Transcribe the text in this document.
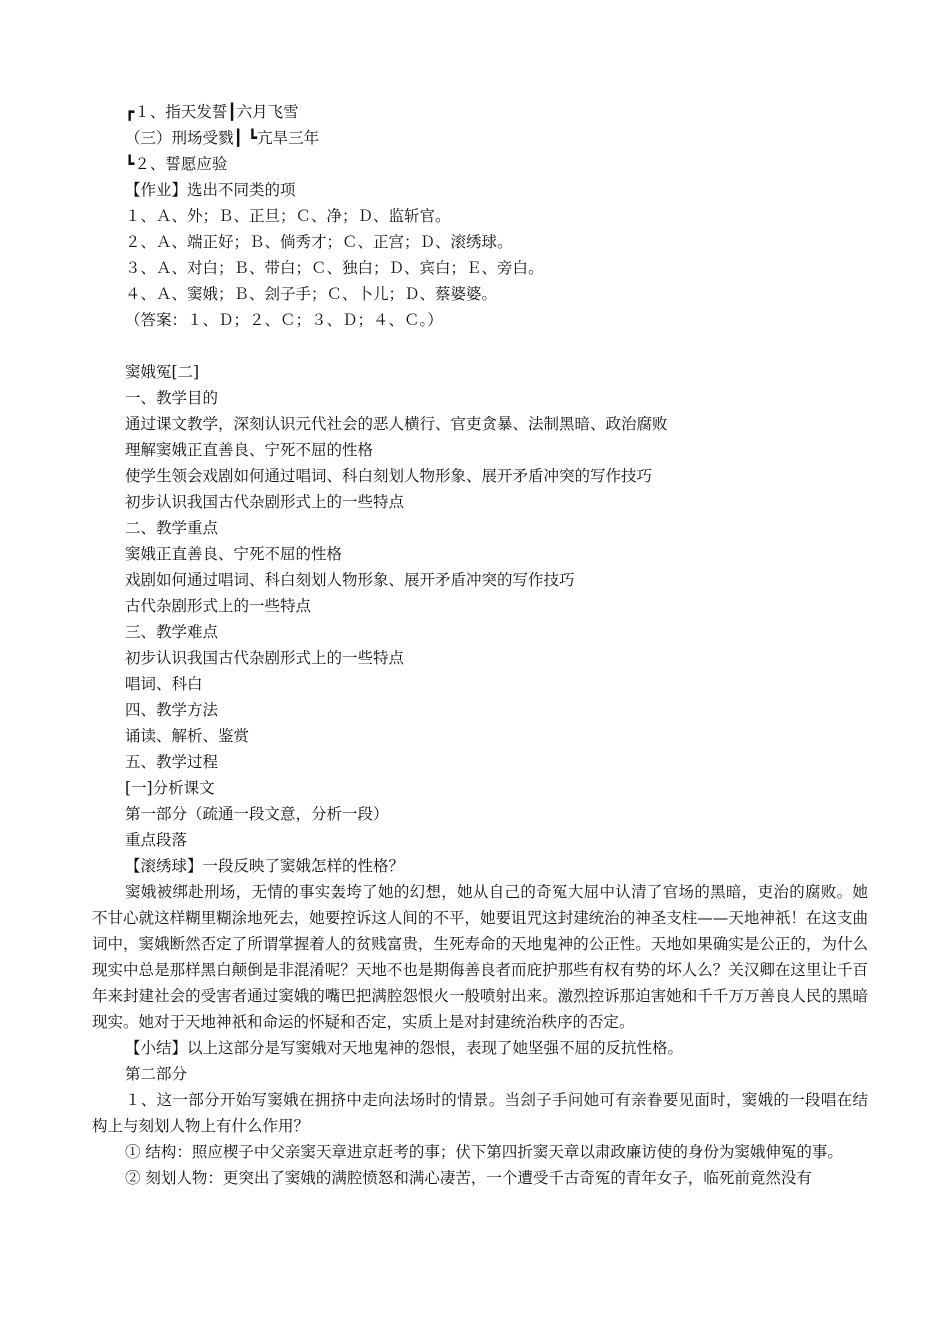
┏１、指天发誓┃六月飞雪
（三）刑场受戮┃ ┗亢旱三年
┗２、誓愿应验
【作业】选出不同类的项
１、Ａ、外；Ｂ、正旦；Ｃ、净；Ｄ、监斩官。
２、Ａ、端正好；Ｂ、倘秀才；Ｃ、正宫；Ｄ、滚绣球。
３、Ａ、对白；Ｂ、带白；Ｃ、独白；Ｄ、宾白；Ｅ、旁白。
４、Ａ、窦娥；Ｂ、刽子手；Ｃ、卜儿；Ｄ、蔡婆婆。
（答案：１、Ｄ；２、Ｃ；３、Ｄ；４、Ｃ。）
窦娥冤[二]
一、教学目的
通过课文教学，深刻认识元代社会的恶人横行、官吏贪暴、法制黑暗、政治腐败
理解窦娥正直善良、宁死不屈的性格
使学生领会戏剧如何通过唱词、科白刻划人物形象、展开矛盾冲突的写作技巧
初步认识我国古代杂剧形式上的一些特点
二、教学重点
窦娥正直善良、宁死不屈的性格
戏剧如何通过唱词、科白刻划人物形象、展开矛盾冲突的写作技巧
古代杂剧形式上的一些特点
三、教学难点
初步认识我国古代杂剧形式上的一些特点
唱词、科白
四、教学方法
诵读、解析、鉴赏
五、教学过程
[一]分析课文
第一部分（疏通一段文意，分析一段）
重点段落
【滚绣球】一段反映了窦娥怎样的性格？
窦娥被绑赴刑场，无情的事实轰垮了她的幻想，她从自己的奇冤大屈中认清了官场的黑暗，吏治的腐败。她不甘心就这样糊里糊涂地死去，她要控诉这人间的不平，她要诅咒这封建统治的神圣支柱——天地神祇！在这支曲词中，窦娥断然否定了所谓掌握着人的贫贱富贵，生死寿命的天地鬼神的公正性。天地如果确实是公正的，为什么现实中总是那样黑白颠倒是非混淆呢？天地不也是期侮善良者而庇护那些有权有势的坏人么？关汉卿在这里让千百年来封建社会的受害者通过窦娥的嘴巴把满腔怨恨火一般喷射出来。激烈控诉那迫害她和千千万万善良人民的黑暗现实。她对于天地神祇和命运的怀疑和否定，实质上是对封建统治秩序的否定。
【小结】以上这部分是写窦娥对天地鬼神的怨恨，表现了她坚强不屈的反抗性格。
第二部分
１、这一部分开始写窦娥在拥挤中走向法场时的情景。当刽子手问她可有亲眷要见面时，窦娥的一段唱在结构上与刻划人物上有什么作用？
① 结构：照应楔子中父亲窦天章进京赶考的事；伏下第四折窦天章以肃政廉访使的身份为窦娥伸冤的事。
② 刻划人物：更突出了窦娥的满腔愤怒和满心凄苦，一个遭受千古奇冤的青年女子，临死前竟然没有
